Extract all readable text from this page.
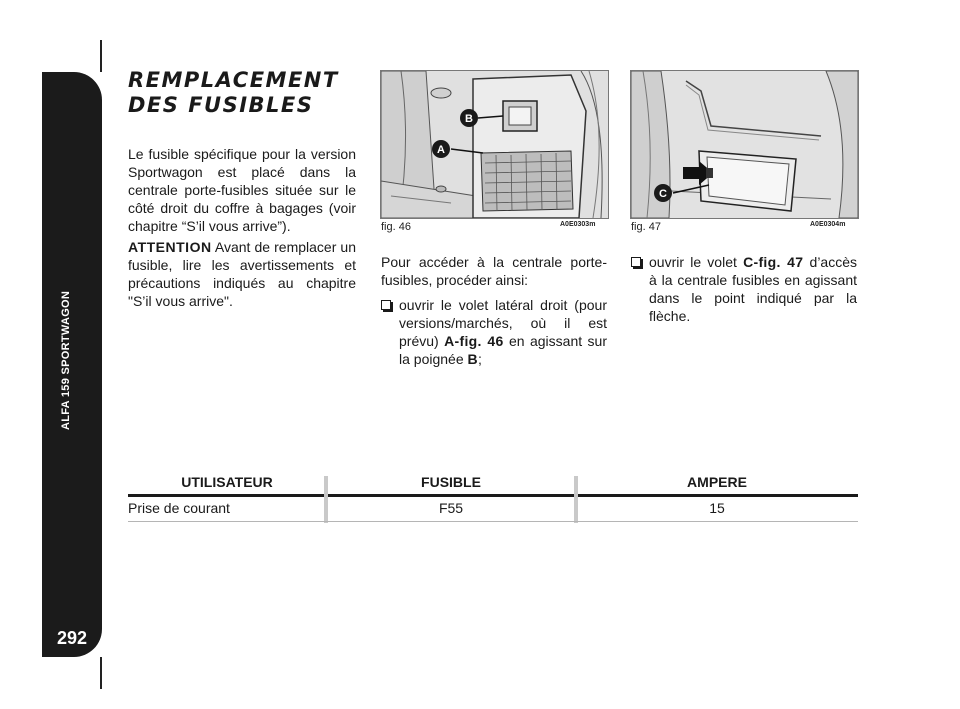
ALFA 159 SPORTWAGON
292
REMPLACEMENT
DES FUSIBLES
Le fusible spécifique pour la version Sportwagon est placé dans la centrale porte-fusibles située sur le côté droit du coffre à bagages (voir chapitre “S’il vous arrive”).
ATTENTION Avant de remplacer un fusible, lire les avertissements et précautions indiqués au chapitre "S’il vous arrive".
B
A
fig. 46	A0E0303m
C
fig. 47	A0E0304m
Pour accéder à la centrale porte-fusibles, procéder ainsi:
ouvrir le volet latéral droit (pour versions/marchés, où il est prévu) A-fig. 46 en agissant sur la poignée B;
ouvrir le volet C-fig. 47 d’accès à la centrale fusibles en agissant dans le point indiqué par la flèche.
UTILISATEUR	FUSIBLE	AMPERE
Prise de courant	F55	15
